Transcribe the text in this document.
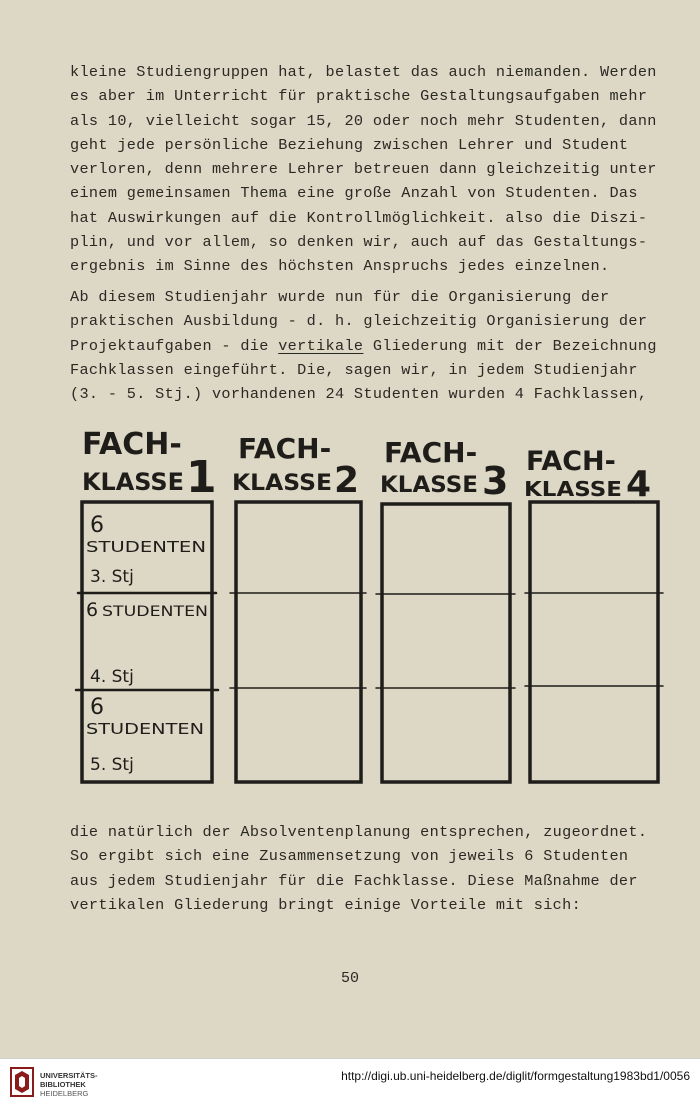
kleine Studiengruppen hat, belastet das auch niemanden. Werden
es aber im Unterricht für praktische Gestaltungsaufgaben mehr
als 10, vielleicht sogar 15, 20 oder noch mehr Studenten, dann
geht jede persönliche Beziehung zwischen Lehrer und Student
verloren, denn mehrere Lehrer betreuen dann gleichzeitig unter
einem gemeinsamen Thema eine große Anzahl von Studenten. Das
hat Auswirkungen auf die Kontrollmöglichkeit. also die Diszi-
plin, und vor allem, so denken wir, auch auf das Gestaltungs-
ergebnis im Sinne des höchsten Anspruchs jedes einzelnen.
Ab diesem Studienjahr wurde nun für die Organisierung der
praktischen Ausbildung - d. h. gleichzeitig Organisierung der
Projektaufgaben - die vertikale Gliederung mit der Bezeichnung
Fachklassen eingeführt. Die, sagen wir, in jedem Studienjahr
(3. - 5. Stj.) vorhandenen 24 Studenten wurden 4 Fachklassen,
FACH-
KLASSE 1
FACH-
KLASSE 2
FACH-
KLASSE 3 FACH-
KLASSE 4
6
STUDENTEN
3. Stj
6 STUDENTEN
4. Stj
6
STUDENTEN
5. Stj
die natürlich der Absolventenplanung entsprechen, zugeordnet.
So ergibt sich eine Zusammensetzung von jeweils 6 Studenten
aus jedem Studienjahr für die Fachklasse. Diese Maßnahme der
vertikalen Gliederung bringt einige Vorteile mit sich:
50
UNIVERSITÄTS-
BIBLIOTHEK
HEIDELBERG
http://digi.ub.uni-heidelberg.de/diglit/formgestaltung1983bd1/0056
